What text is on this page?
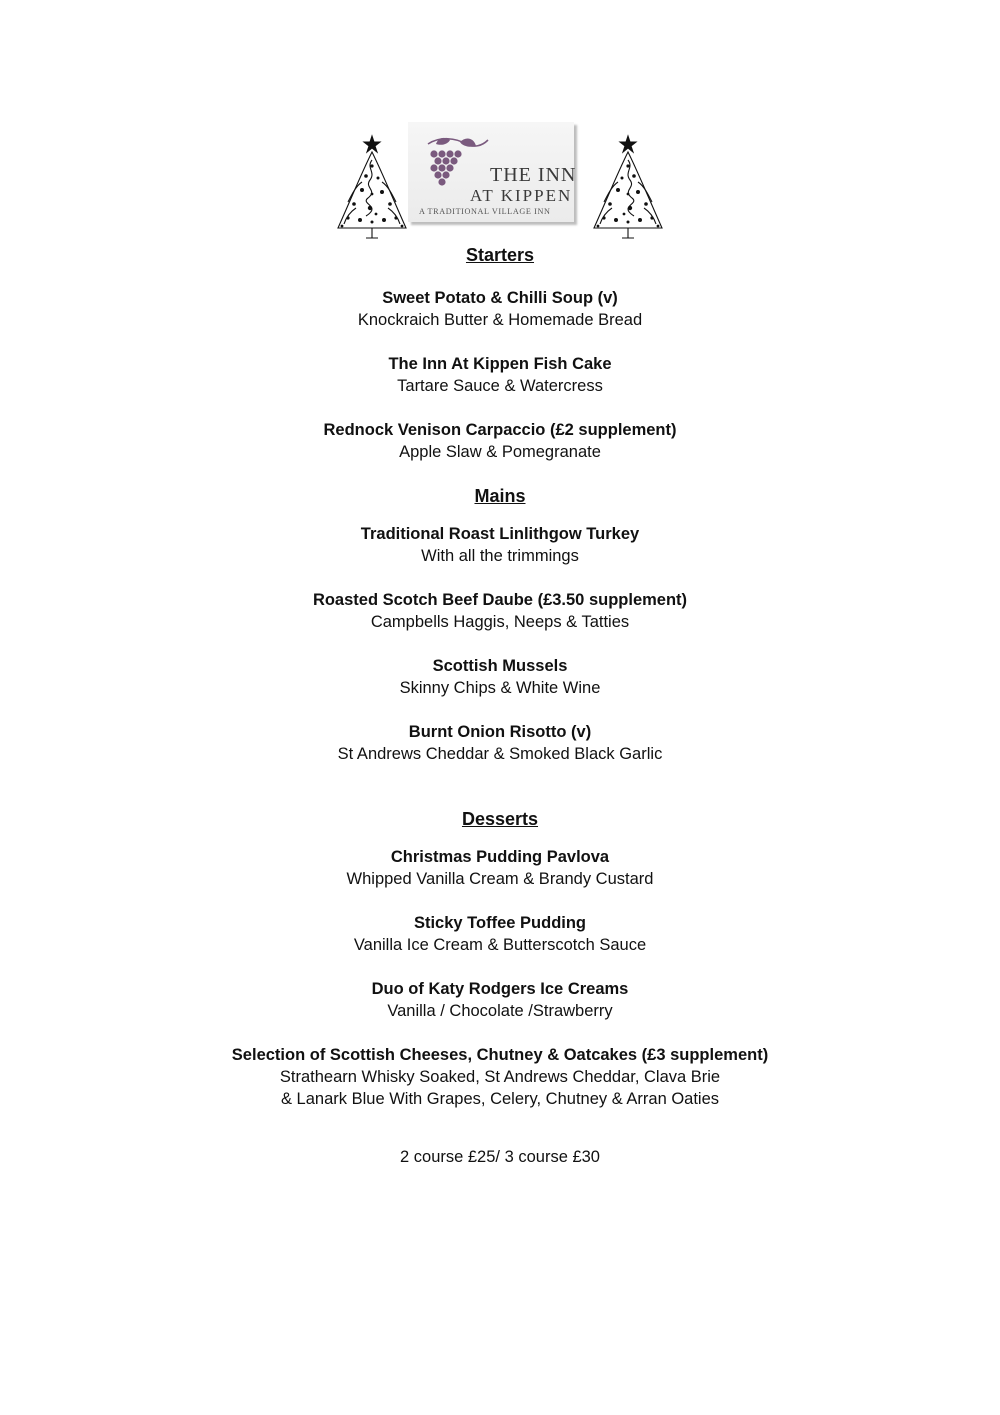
THE INN
AT KIPPEN
A TRADITIONAL VILLAGE INN
Starters
Sweet Potato & Chilli Soup (v)
Knockraich Butter & Homemade Bread
The Inn At Kippen Fish Cake
Tartare Sauce & Watercress
Rednock Venison Carpaccio (£2 supplement)
Apple Slaw & Pomegranate
Mains
Traditional Roast Linlithgow Turkey
With all the trimmings
Roasted Scotch Beef Daube (£3.50 supplement)
Campbells Haggis, Neeps & Tatties
Scottish Mussels
Skinny Chips & White Wine
Burnt Onion Risotto (v)
St Andrews Cheddar & Smoked Black Garlic
Desserts
Christmas Pudding Pavlova
Whipped Vanilla Cream & Brandy Custard
Sticky Toffee Pudding
Vanilla Ice Cream & Butterscotch Sauce
Duo of Katy Rodgers Ice Creams
Vanilla / Chocolate /Strawberry
Selection of Scottish Cheeses, Chutney & Oatcakes (£3 supplement)
Strathearn Whisky Soaked, St Andrews Cheddar, Clava Brie
& Lanark Blue With Grapes, Celery, Chutney & Arran Oaties
2 course £25/ 3 course £30
